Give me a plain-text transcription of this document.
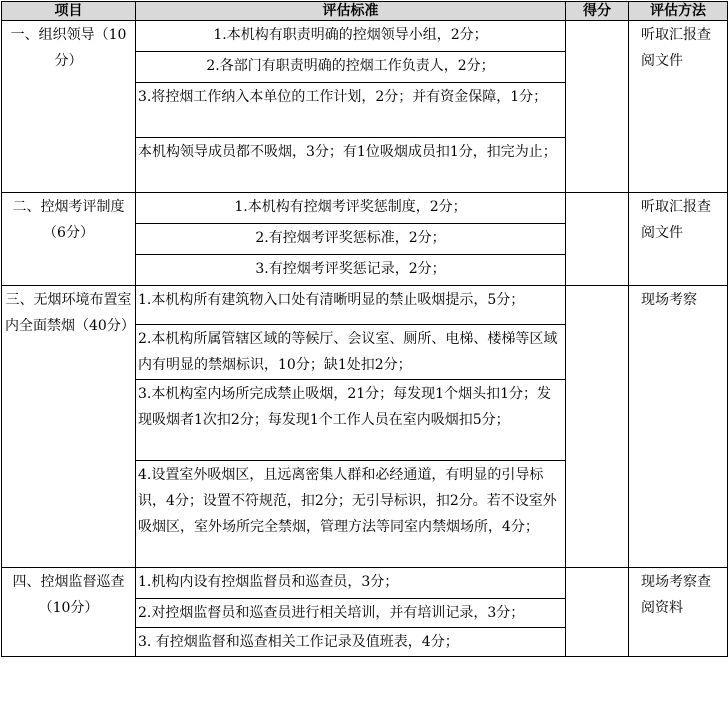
项目	评估标准	得分	评估方法
一、组织领导（10分）	1.本机构有职责明确的控烟领导小组，2分；		听取汇报查阅文件
	2.各部门有职责明确的控烟工作负责人，2分；		
	3.将控烟工作纳入本单位的工作计划，2分；并有资金保障，1分；		
	本机构领导成员都不吸烟，3分；有1位吸烟成员扣1分，扣完为止；		
二、控烟考评制度（6分）	1.本机构有控烟考评奖惩制度，2分；		听取汇报查阅文件
	2.有控烟考评奖惩标准，2分；		
	3.有控烟考评奖惩记录，2分；		
三、无烟环境布置室内全面禁烟（40分）	1.本机构所有建筑物入口处有清晰明显的禁止吸烟提示，5分；		现场考察
	2.本机构所属管辖区域的等候厅、会议室、厕所、电梯、楼梯等区域内有明显的禁烟标识，10分；缺1处扣2分；		
	3.本机构室内场所完成禁止吸烟，21分；每发现1个烟头扣1分；发现吸烟者1次扣2分；每发现1个工作人员在室内吸烟扣5分；		
	4.设置室外吸烟区，且远离密集人群和必经通道，有明显的引导标识，4分；设置不符规范，扣2分；无引导标识，扣2分。若不设室外吸烟区，室外场所完全禁烟，管理方法等同室内禁烟场所，4分；		
四、控烟监督巡查（10分）	1.机构内设有控烟监督员和巡查员，3分；		现场考察查阅资料
	2.对控烟监督员和巡查员进行相关培训，并有培训记录，3分；		
	3. 有控烟监督和巡查相关工作记录及值班表，4分；		
